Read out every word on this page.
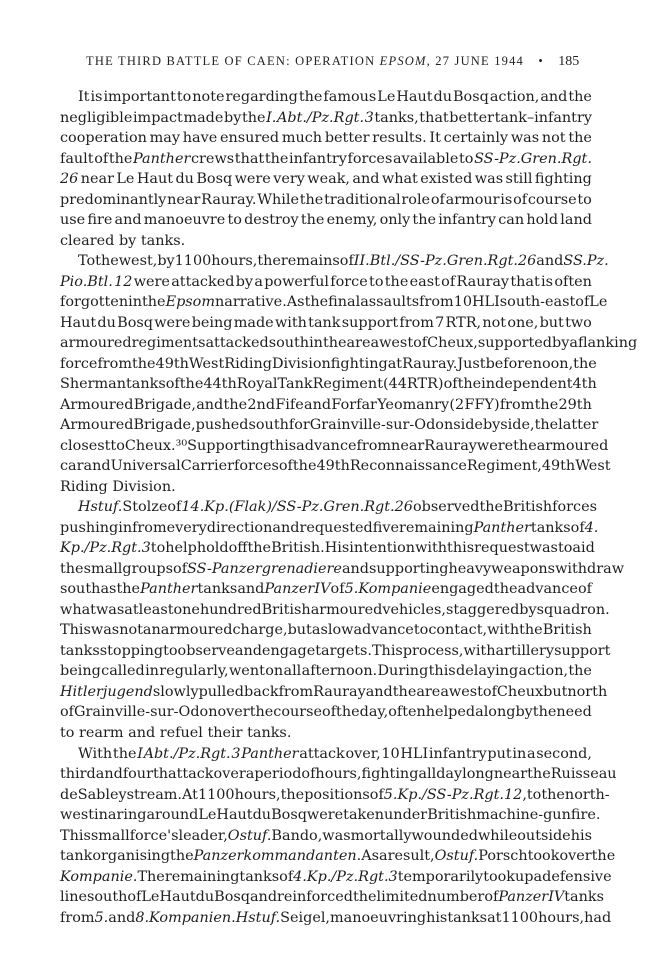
THE THIRD BATTLE OF CAEN: OPERATION EPSOM, 27 JUNE 1944 • 185
It is important to note regarding the famous Le Haut du Bosq action, and the
negligible impact made by the I. Abt./Pz.Rgt. 3 tanks, that better tank–infantry
cooperation may have ensured much better results. It certainly was not the
fault of the Panther crews that the infantry forces available to SS-Pz.Gren.Rgt.
26 near Le Haut du Bosq were very weak, and what existed was still fighting
predominantly near Rauray. While the traditional role of armour is of course to
use fire and manoeuvre to destroy the enemy, only the infantry can hold land
cleared by tanks.
To the west, by 1100 hours, the remains of II. Btl./SS-Pz.Gren.Rgt. 26 and SS.Pz.
Pio.Btl. 12 were attacked by a powerful force to the east of Rauray that is often
forgotten in the Epsom narrative. As the final assaults from 10 HLI south-east of Le
Haut du Bosq were being made with tank support from 7 RTR, not one, but two
armoured regiments attacked south in the area west of Cheux, supported by a flanking
force from the 49th West Riding Division fighting at Rauray. Just before noon, the
Sherman tanks of the 44th Royal Tank Regiment (44 RTR) of the independent 4th
Armoured Brigade, and the 2nd Fife and Forfar Yeomanry (2 FFY) from the 29th
Armoured Brigade, pushed south for Grainville-sur-Odon side by side, the latter
closest to Cheux.³⁰ Supporting this advance from near Rauray were the armoured
car and Universal Carrier forces of the 49th Reconnaissance Regiment, 49th West
Riding Division.
Hstuf. Stolze of 14. Kp.(Flak)/SS-Pz.Gren.Rgt. 26 observed the British forces
pushing in from every direction and requested five remaining Panther tanks of 4.
Kp./Pz.Rgt. 3 to help hold off the British. His intention with this request was to aid
the small groups of SS-Panzergrenadiere and supporting heavy weapons withdraw
south as the Panther tanks and Panzer IV of 5. Kompanie engaged the advance of
what was at least one hundred British armoured vehicles, staggered by squadron.
This was not an armoured charge, but a slow advance to contact, with the British
tanks stopping to observe and engage targets. This process, with artillery support
being called in regularly, went on all afternoon. During this delaying action, the
Hitlerjugend slowly pulled back from Rauray and the area west of Cheux but north
of Grainville-sur-Odon over the course of the day, often helped along by the need
to rearm and refuel their tanks.
With the I Abt./Pz.Rgt. 3 Panther attack over, 10 HLI infantry put in a second,
third and fourth attack over a period of hours, fighting all day long near the Ruisseau
de Sabley stream. At 1100 hours, the positions of 5.Kp./SS-Pz.Rgt. 12, to the north-
west in a ring around Le Haut du Bosq were taken under British machine-gun fire.
This small force's leader, Ostuf. Bando, was mortally wounded while outside his
tank organising the Panzerkommandanten. As a result, Ostuf. Porsch took over the
Kompanie. The remaining tanks of 4. Kp./Pz.Rgt. 3 temporarily took up a defensive
line south of Le Haut du Bosq and reinforced the limited number of Panzer IV tanks
from 5. and 8. Kompanien. Hstuf. Seigel, manoeuvring his tanks at 1100 hours, had
